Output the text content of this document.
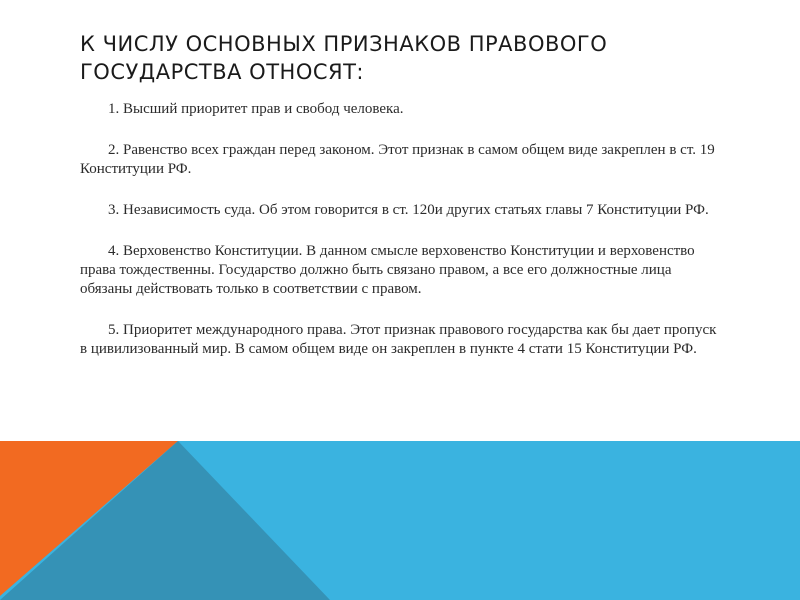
К ЧИСЛУ ОСНОВНЫХ ПРИЗНАКОВ ПРАВОВОГО ГОСУДАРСТВА ОТНОСЯТ:

1. Высший приоритет прав и свобод человека.

2. Равенство всех граждан перед законом. Этот признак в самом общем виде закреплен в ст. 19 Конституции РФ.

3. Независимость суда. Об этом говорится в ст. 120и других статьях главы 7 Конституции РФ.

4. Верховенство Конституции. В данном смысле верховенство Конституции и верховенство права тождественны. Государство должно быть связано правом, а все его должностные лица обязаны действовать только в соответствии с правом.

5. Приоритет международного права. Этот признак правового государства как бы дает пропуск в цивилизованный мир. В самом общем виде он закреплен в пункте 4 стати 15 Конституции РФ.
